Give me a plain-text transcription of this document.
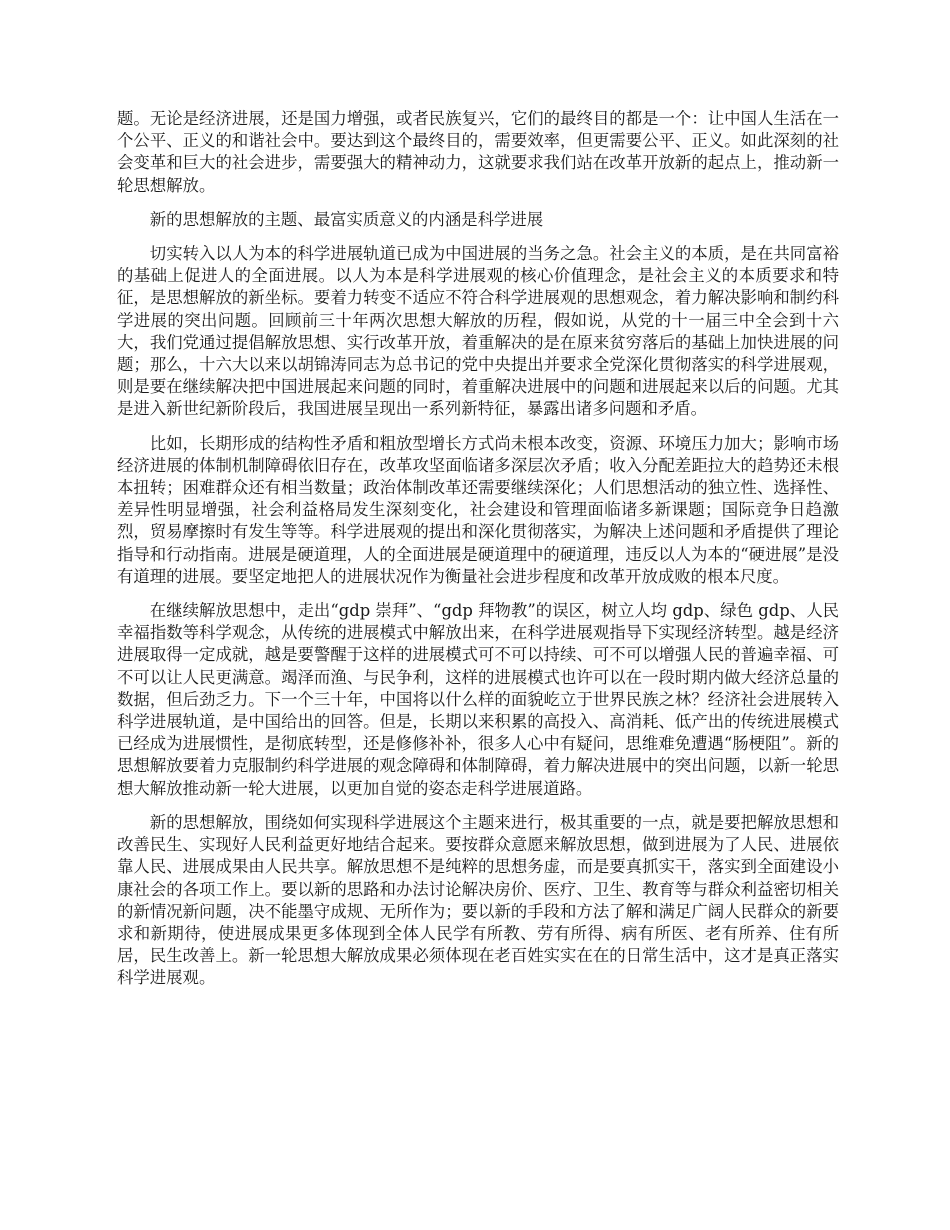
题。无论是经济进展，还是国力增强，或者民族复兴，它们的最终目的都是一个：让中国人生活在一个公平、正义的和谐社会中。要达到这个最终目的，需要效率，但更需要公平、正义。如此深刻的社会变革和巨大的社会进步，需要强大的精神动力，这就要求我们站在改革开放新的起点上，推动新一轮思想解放。

新的思想解放的主题、最富实质意义的内涵是科学进展

切实转入以人为本的科学进展轨道已成为中国进展的当务之急。社会主义的本质，是在共同富裕的基础上促进人的全面进展。以人为本是科学进展观的核心价值理念，是社会主义的本质要求和特征，是思想解放的新坐标。要着力转变不适应不符合科学进展观的思想观念，着力解决影响和制约科学进展的突出问题。回顾前三十年两次思想大解放的历程，假如说，从党的十一届三中全会到十六大，我们党通过提倡解放思想、实行改革开放，着重解决的是在原来贫穷落后的基础上加快进展的问题；那么，十六大以来以胡锦涛同志为总书记的党中央提出并要求全党深化贯彻落实的科学进展观，则是要在继续解决把中国进展起来问题的同时，着重解决进展中的问题和进展起来以后的问题。尤其是进入新世纪新阶段后，我国进展呈现出一系列新特征，暴露出诸多问题和矛盾。

比如，长期形成的结构性矛盾和粗放型增长方式尚未根本改变，资源、环境压力加大；影响市场经济进展的体制机制障碍依旧存在，改革攻坚面临诸多深层次矛盾；收入分配差距拉大的趋势还未根本扭转；困难群众还有相当数量；政治体制改革还需要继续深化；人们思想活动的独立性、选择性、差异性明显增强，社会利益格局发生深刻变化，社会建设和管理面临诸多新课题；国际竞争日趋激烈，贸易摩擦时有发生等等。科学进展观的提出和深化贯彻落实，为解决上述问题和矛盾提供了理论指导和行动指南。进展是硬道理，人的全面进展是硬道理中的硬道理，违反以人为本的“硬进展”是没有道理的进展。要坚定地把人的进展状况作为衡量社会进步程度和改革开放成败的根本尺度。

在继续解放思想中，走出“gdp 崇拜”、“gdp 拜物教”的误区，树立人均 gdp、绿色 gdp、人民幸福指数等科学观念，从传统的进展模式中解放出来，在科学进展观指导下实现经济转型。越是经济进展取得一定成就，越是要警醒于这样的进展模式可不可以持续、可不可以增强人民的普遍幸福、可不可以让人民更满意。竭泽而渔、与民争利，这样的进展模式也许可以在一段时期内做大经济总量的数据，但后劲乏力。下一个三十年，中国将以什么样的面貌屹立于世界民族之林？经济社会进展转入科学进展轨道，是中国给出的回答。但是，长期以来积累的高投入、高消耗、低产出的传统进展模式已经成为进展惯性，是彻底转型，还是修修补补，很多人心中有疑问，思维难免遭遇“肠梗阻”。新的思想解放要着力克服制约科学进展的观念障碍和体制障碍，着力解决进展中的突出问题，以新一轮思想大解放推动新一轮大进展，以更加自觉的姿态走科学进展道路。

新的思想解放，围绕如何实现科学进展这个主题来进行，极其重要的一点，就是要把解放思想和改善民生、实现好人民利益更好地结合起来。要按群众意愿来解放思想，做到进展为了人民、进展依靠人民、进展成果由人民共享。解放思想不是纯粹的思想务虚，而是要真抓实干，落实到全面建设小康社会的各项工作上。要以新的思路和办法讨论解决房价、医疗、卫生、教育等与群众利益密切相关的新情况新问题，决不能墨守成规、无所作为；要以新的手段和方法了解和满足广阔人民群众的新要求和新期待，使进展成果更多体现到全体人民学有所教、劳有所得、病有所医、老有所养、住有所居，民生改善上。新一轮思想大解放成果必须体现在老百姓实实在在的日常生活中，这才是真正落实科学进展观。
